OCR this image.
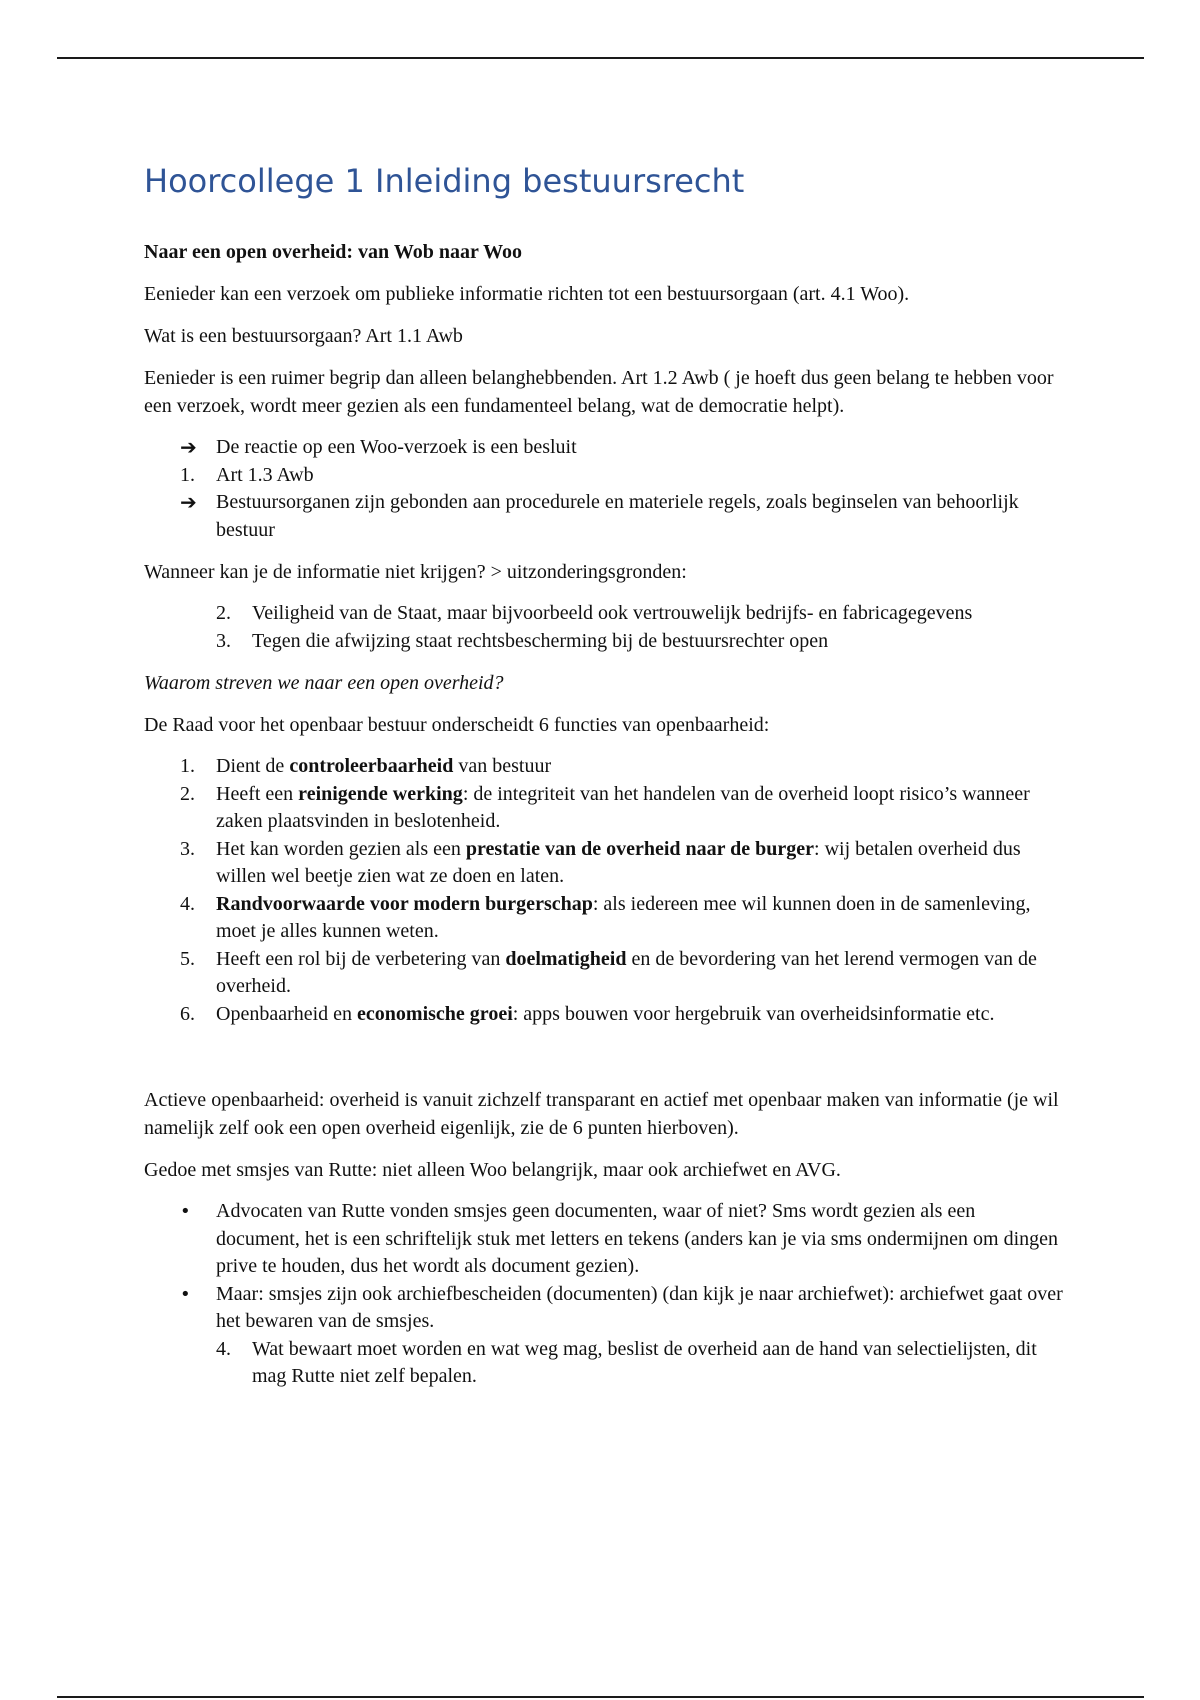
Hoorcollege 1 Inleiding bestuursrecht

Naar een open overheid: van Wob naar Woo

Eenieder kan een verzoek om publieke informatie richten tot een bestuursorgaan (art. 4.1 Woo).

Wat is een bestuursorgaan? Art 1.1 Awb

Eenieder is een ruimer begrip dan alleen belanghebbenden. Art 1.2 Awb ( je hoeft dus geen belang te hebben voor een verzoek, wordt meer gezien als een fundamenteel belang, wat de democratie helpt).

➔ De reactie op een Woo-verzoek is een besluit
1. Art 1.3 Awb
➔ Bestuursorganen zijn gebonden aan procedurele en materiele regels, zoals beginselen van behoorlijk bestuur

Wanneer kan je de informatie niet krijgen? > uitzonderingsgronden:

2. Veiligheid van de Staat, maar bijvoorbeeld ook vertrouwelijk bedrijfs- en fabricagegevens
3. Tegen die afwijzing staat rechtsbescherming bij de bestuursrechter open

Waarom streven we naar een open overheid?

De Raad voor het openbaar bestuur onderscheidt 6 functies van openbaarheid:

1. Dient de controleerbaarheid van bestuur
2. Heeft een reinigende werking: de integriteit van het handelen van de overheid loopt risico’s wanneer zaken plaatsvinden in beslotenheid.
3. Het kan worden gezien als een prestatie van de overheid naar de burger: wij betalen overheid dus willen wel beetje zien wat ze doen en laten.
4. Randvoorwaarde voor modern burgerschap: als iedereen mee wil kunnen doen in de samenleving, moet je alles kunnen weten.
5. Heeft een rol bij de verbetering van doelmatigheid en de bevordering van het lerend vermogen van de overheid.
6. Openbaarheid en economische groei: apps bouwen voor hergebruik van overheidsinformatie etc.

Actieve openbaarheid: overheid is vanuit zichzelf transparant en actief met openbaar maken van informatie (je wil namelijk zelf ook een open overheid eigenlijk, zie de 6 punten hierboven).

Gedoe met smsjes van Rutte: niet alleen Woo belangrijk, maar ook archiefwet en AVG.

• Advocaten van Rutte vonden smsjes geen documenten, waar of niet? Sms wordt gezien als een document, het is een schriftelijk stuk met letters en tekens (anders kan je via sms ondermijnen om dingen prive te houden, dus het wordt als document gezien).
• Maar: smsjes zijn ook archiefbescheiden (documenten) (dan kijk je naar archiefwet): archiefwet gaat over het bewaren van de smsjes.
4. Wat bewaart moet worden en wat weg mag, beslist de overheid aan de hand van selectielijsten, dit mag Rutte niet zelf bepalen.
